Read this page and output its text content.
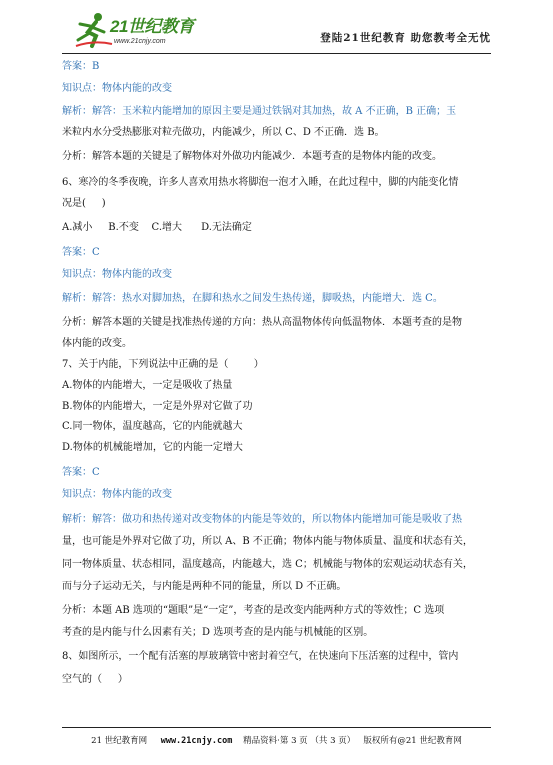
21世纪教育
www.21cnjy.com	登陆21世纪教育 助您教考全无忧
答案：B
知识点：物体内能的改变
解析：解答：玉米粒内能增加的原因主要是通过铁锅对其加热，故 A 不正确，B 正确；玉
米粒内水分受热膨胀对粒壳做功，内能减少，所以 C、D 不正确．选 B。
分析：解答本题的关键是了解物体对外做功内能减少．本题考查的是物体内能的改变。
6、寒冷的冬季夜晚，许多人喜欢用热水将脚泡一泡才入睡，在此过程中，脚的内能变化情
况是(     )
A.减小     B.不变    C.增大      D.无法确定
答案：C
知识点：物体内能的改变
解析：解答：热水对脚加热，在脚和热水之间发生热传递，脚吸热，内能增大．选 C。
分析：解答本题的关键是找准热传递的方向：热从高温物体传向低温物体．本题考查的是物
体内能的改变。
7、关于内能，下列说法中正确的是（        ）
A.物体的内能增大，一定是吸收了热量
B.物体的内能增大，一定是外界对它做了功
C.同一物体，温度越高，它的内能就越大
D.物体的机械能增加，它的内能一定增大
答案：C
知识点：物体内能的改变
解析：解答：做功和热传递对改变物体的内能是等效的，所以物体内能增加可能是吸收了热
量，也可能是外界对它做了功，所以 A、B 不正确；物体内能与物体质量、温度和状态有关，
同一物体质量、状态相同，温度越高，内能越大，选 C；机械能与物体的宏观运动状态有关，
而与分子运动无关，与内能是两种不同的能量，所以 D 不正确。
分析：本题 AB 选项的“题眼”是“一定”，考查的是改变内能两种方式的等效性；C 选项
考查的是内能与什么因素有关；D 选项考查的是内能与机械能的区别。
8、如图所示，一个配有活塞的厚玻璃管中密封着空气，在快速向下压活塞的过程中，管内
空气的（     ）
21 世纪教育网 www.21cnjy.com 精品资料·第 3 页 （共 3 页） 版权所有@21 世纪教育网
